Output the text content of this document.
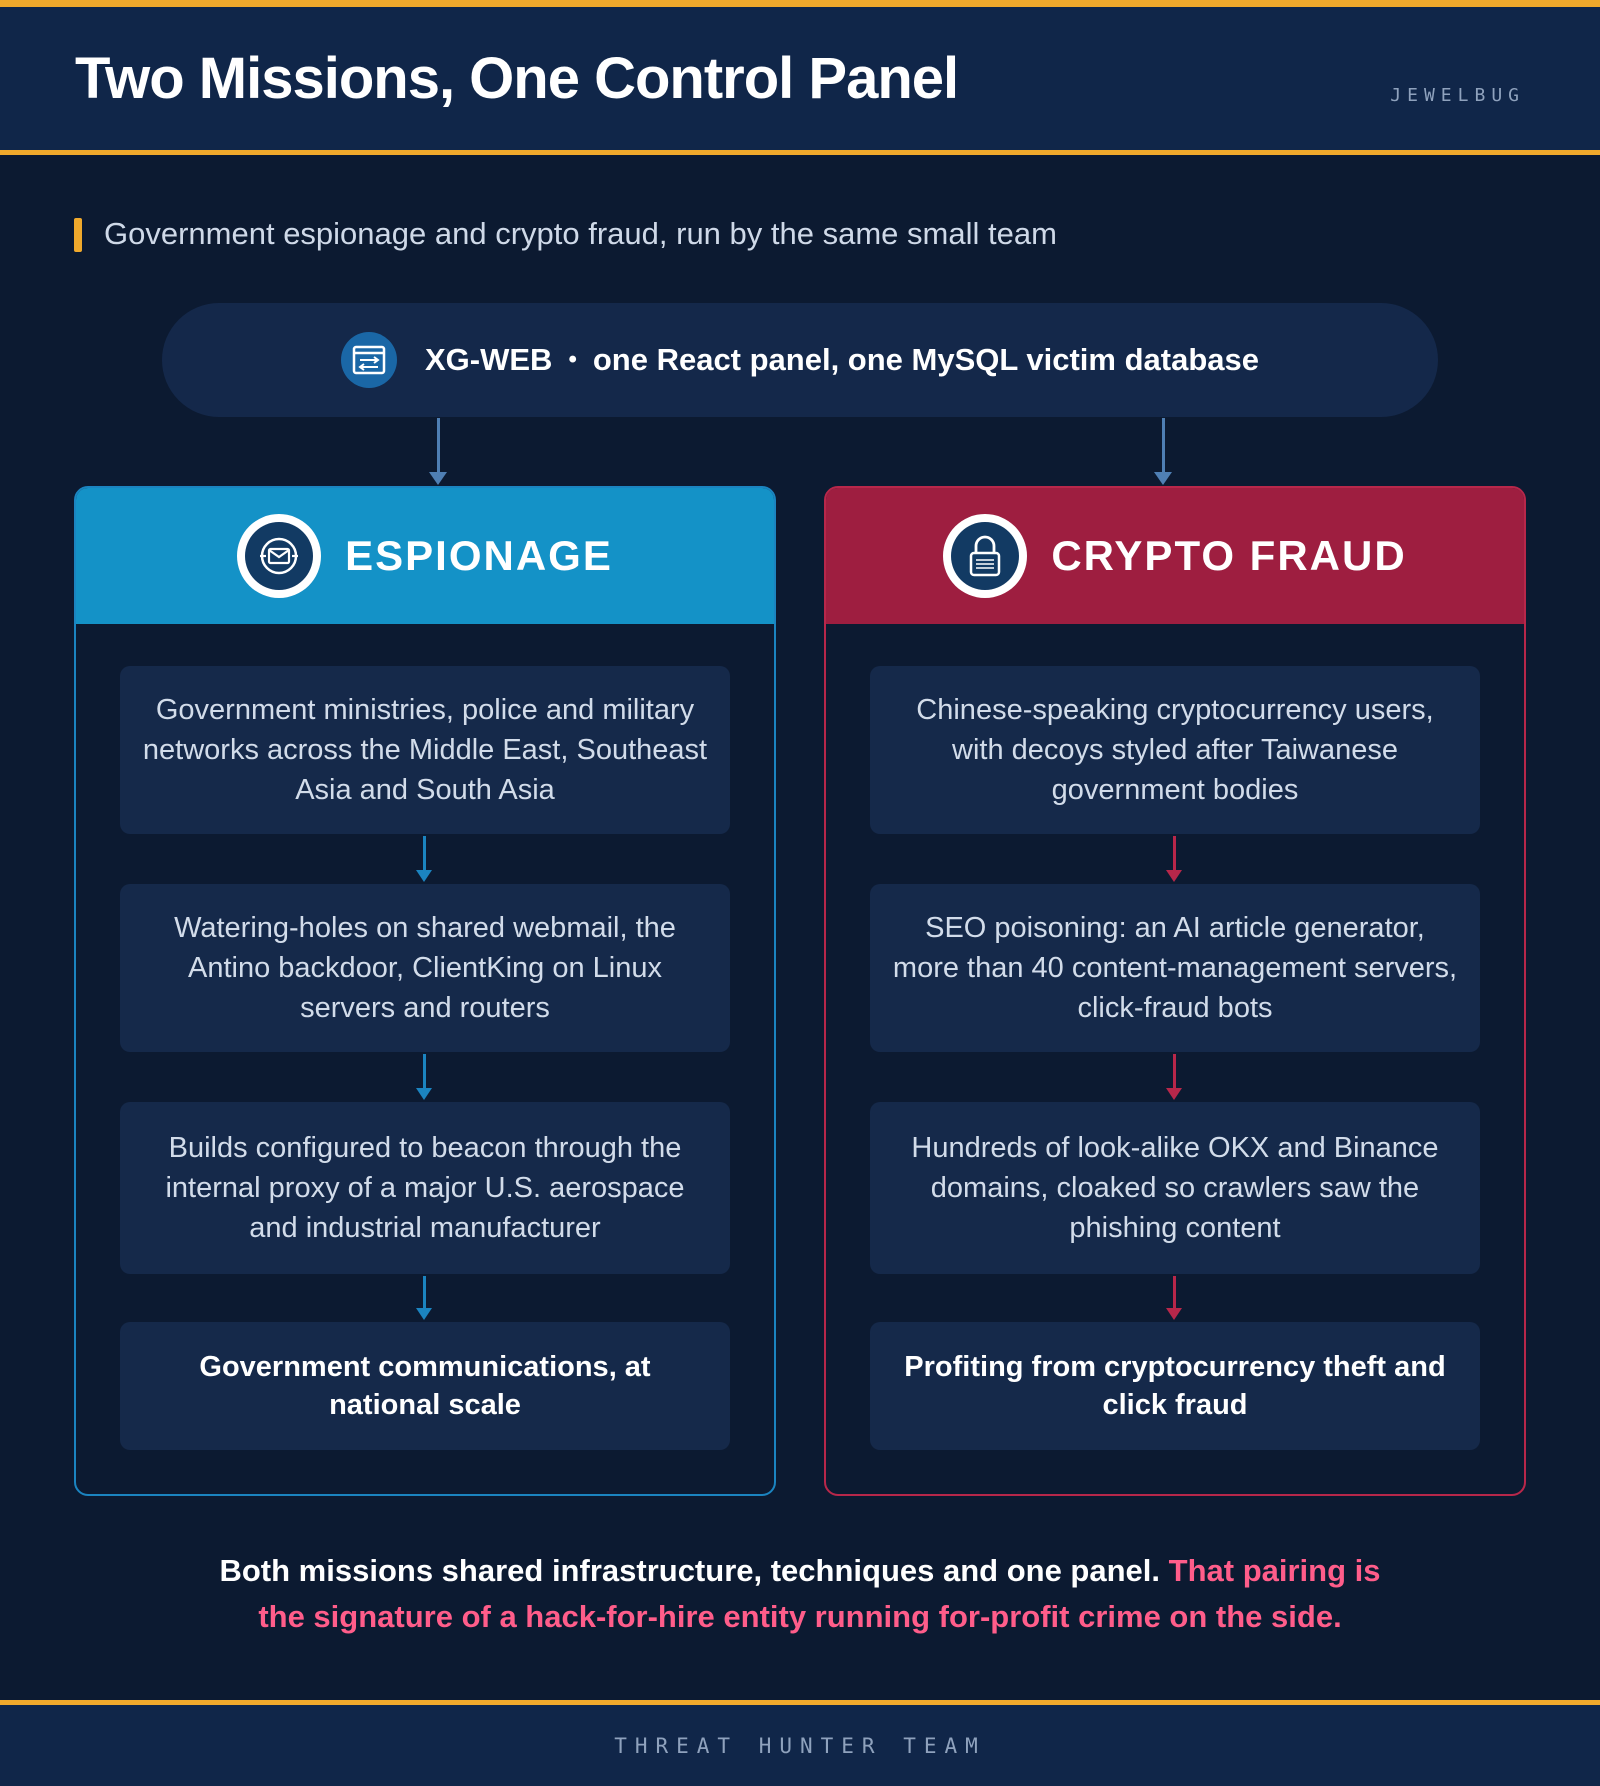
Two Missions, One Control Panel	JEWELBUG
Government espionage and crypto fraud, run by the same small team
XG-WEB • one React panel, one MySQL victim database
ESPIONAGE
Government ministries, police and military networks across the Middle East, Southeast Asia and South Asia
Watering-holes on shared webmail, the Antino backdoor, ClientKing on Linux servers and routers
Builds configured to beacon through the internal proxy of a major U.S. aerospace and industrial manufacturer
Government communications, at national scale
CRYPTO FRAUD
Chinese-speaking cryptocurrency users, with decoys styled after Taiwanese government bodies
SEO poisoning: an AI article generator, more than 40 content-management servers, click-fraud bots
Hundreds of look-alike OKX and Binance domains, cloaked so crawlers saw the phishing content
Profiting from cryptocurrency theft and click fraud
Both missions shared infrastructure, techniques and one panel. That pairing is the signature of a hack-for-hire entity running for-profit crime on the side.
THREAT HUNTER TEAM
